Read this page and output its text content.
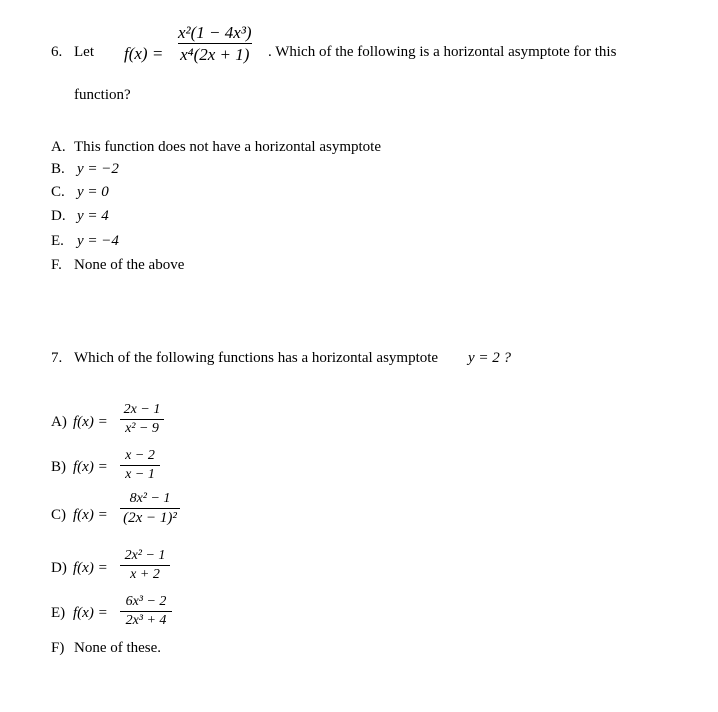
6. Let f(x) =
x²(1 − 4x³)
x⁴(2x + 1) . Which of the following is a horizontal asymptote for this
function?
A. This function does not have a horizontal asymptote
B. y = −2
C. y = 0
D. y = 4
E. y = −4
F. None of the above
7. Which of the following functions has a horizontal asymptote y = 2 ?
A) f(x) =
2x − 1
x² − 9
B) f(x) =
x − 2
x − 1
C) f(x) =
8x² − 1
(2x − 1)²
D) f(x) =
2x² − 1
x + 2
E) f(x) =
6x³ − 2
2x³ + 4
F) None of these.
